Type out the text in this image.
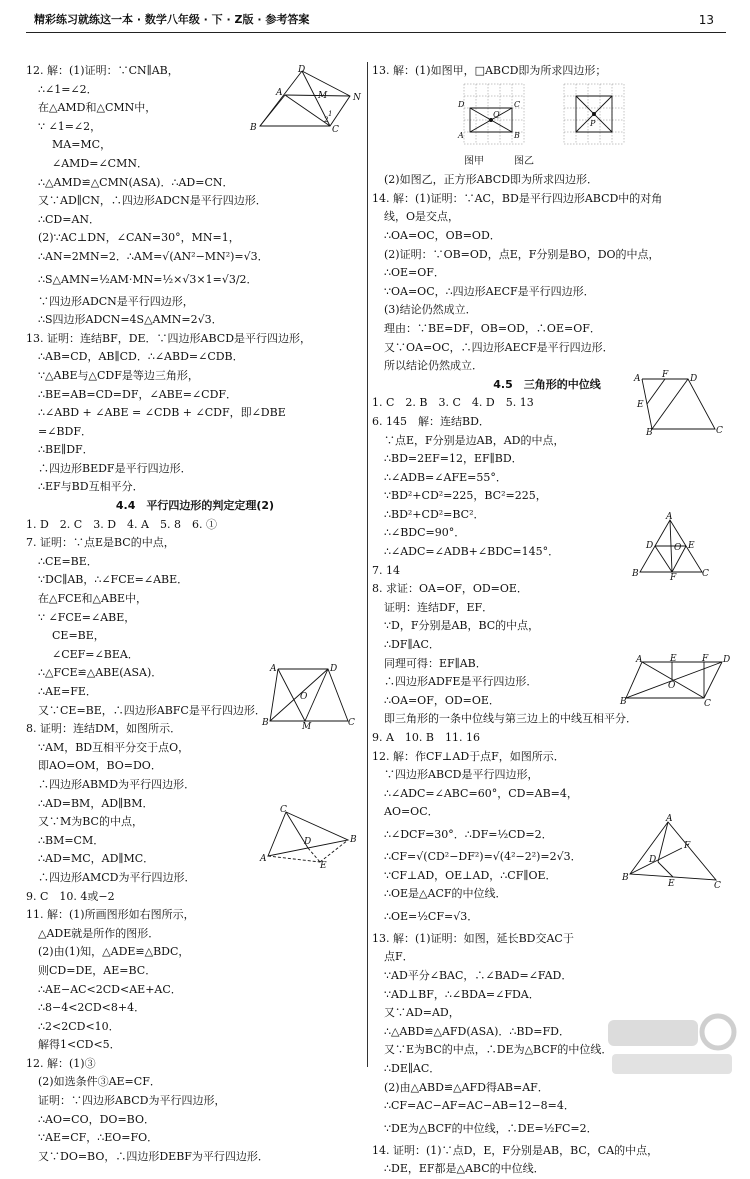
精彩练习就练这一本 · 数学八年级 · 下 · Z版 · 参考答案	13
12. 解：(1)证明：∵CN∥AB，
∴∠1=∠2．
在△AMD和△CMN中，
∵ ∠1=∠2，
MA=MC，
∠AMD=∠CMN．
∴△AMD≌△CMN(ASA)．∴AD=CN．
又∵AD∥CN，∴四边形ADCN是平行四边形．
∴CD=AN．
(2)∵AC⊥DN，∠CAN=30°，MN=1，
∴AN=2MN=2．∴AM=√(AN²−MN²)=√3．
∴S△AMN=½AM·MN=½×√3×1=√3/2．
∵四边形ADCN是平行四边形，
∴S四边形ADCN=4S△AMN=2√3．
13. 证明：连结BF，DE．∵四边形ABCD是平行四边形，
∴AB=CD，AB∥CD．∴∠ABD=∠CDB．
∵△ABE与△CDF是等边三角形，
∴BE=AB=CD=DF，∠ABE=∠CDF．
∴∠ABD + ∠ABE = ∠CDB + ∠CDF，即∠DBE
=∠BDF．
∴BE∥DF．
∴四边形BEDF是平行四边形．
∴EF与BD互相平分．
4.4　平行四边形的判定定理(2)
1. D　2. C　3. D　4. A　5. 8　6. ①
7. 证明：∵点E是BC的中点，
∴CE=BE．
∵DC∥AB，∴∠FCE=∠ABE．
在△FCE和△ABE中，
∵ ∠FCE=∠ABE，
CE=BE，
∠CEF=∠BEA．
∴△FCE≌△ABE(ASA)．
∴AE=FE．
又∵CE=BE，∴四边形ABFC是平行四边形．
8. 证明：连结DM，如图所示．
∵AM，BD互相平分交于点O，
即AO=OM，BO=DO．
∴四边形ABMD为平行四边形．
∴AD=BM，AD∥BM．
又∵M为BC的中点，
∴BM=CM．
∴AD=MC，AD∥MC．
∴四边形AMCD为平行四边形．
9. C　10. 4或−2
11. 解：(1)所画图形如右图所示，
△ADE就是所作的图形．
(2)由(1)知，△ADE≌△BDC，
则CD=DE，AE=BC．
∴AE−AC<2CD<AE+AC．
∴8−4<2CD<8+4．
∴2<2CD<10．
解得1<CD<5．
12. 解：(1)③
(2)如选条件③AE=CF．
证明：∵四边形ABCD为平行四边形，
∴AO=CO，DO=BO．
∵AE=CF，∴EO=FO．
又∵DO=BO，∴四边形DEBF为平行四边形．
13. 解：(1)如图甲，□ABCD即为所求四边形；
图甲　　　图乙
(2)如图乙，正方形ABCD即为所求四边形．
14. 解：(1)证明：∵AC，BD是平行四边形ABCD中的对角
线，O是交点，
∴OA=OC，OB=OD．
(2)证明：∵OB=OD，点E，F分别是BO，DO的中点，
∴OE=OF．
∵OA=OC，∴四边形AECF是平行四边形．
(3)结论仍然成立．
理由：∵BE=DF，OB=OD，∴OE=OF．
又∵OA=OC，∴四边形AECF是平行四边形．
所以结论仍然成立．
4.5　三角形的中位线
1. C　2. B　3. C　4. D　5. 13
6. 145　解：连结BD．
∵点E，F分别是边AB，AD的中点，
∴BD=2EF=12，EF∥BD．
∴∠ADB=∠AFE=55°．
∵BD²+CD²=225，BC²=225，
∴BD²+CD²=BC²．
∴∠BDC=90°．
∴∠ADC=∠ADB+∠BDC=145°．
7. 14
8. 求证：OA=OF，OD=OE．
证明：连结DF，EF．
∵D，F分别是AB，BC的中点，
∴DF∥AC．
同理可得：EF∥AB．
∴四边形ADFE是平行四边形．
∴OA=OF，OD=OE．
即三角形的一条中位线与第三边上的中线互相平分．
9. A　10. B　11. 16
12. 解：作CF⊥AD于点F，如图所示．
∵四边形ABCD是平行四边形，
∴∠ADC=∠ABC=60°，CD=AB=4，
AO=OC．
∴∠DCF=30°．∴DF=½CD=2．
∴CF=√(CD²−DF²)=√(4²−2²)=2√3．
∵CF⊥AD，OE⊥AD，∴CF∥OE．
∴OE是△ACF的中位线．
∴OE=½CF=√3．
13. 解：(1)证明：如图，延长BD交AC于
点F．
∵AD平分∠BAC，∴∠BAD=∠FAD．
∵AD⊥BF，∴∠BDA=∠FDA．
又∵AD=AD，
∴△ABD≌△AFD(ASA)．∴BD=FD．
又∵E为BC的中点，∴DE为△BCF的中位线．
∴DE∥AC．
(2)由△ABD≌△AFD得AB=AF．
∴CF=AC−AF=AC−AB=12−8=4．
∵DE为△BCF的中位线，∴DE=½FC=2．
14. 证明：(1)∵点D，E，F分别是AB，BC，CA的中点，
∴DE，EF都是△ABC的中位线．
D
A	M	N
B	C
1
2
A	D
O
B	M	C
C
B
D
A
E
D
A
C
B
P
Q
A F D
E
B	C
A
D O E
B	F	C
A	E	F D
O
B	C
A
F
D
B
E	C
